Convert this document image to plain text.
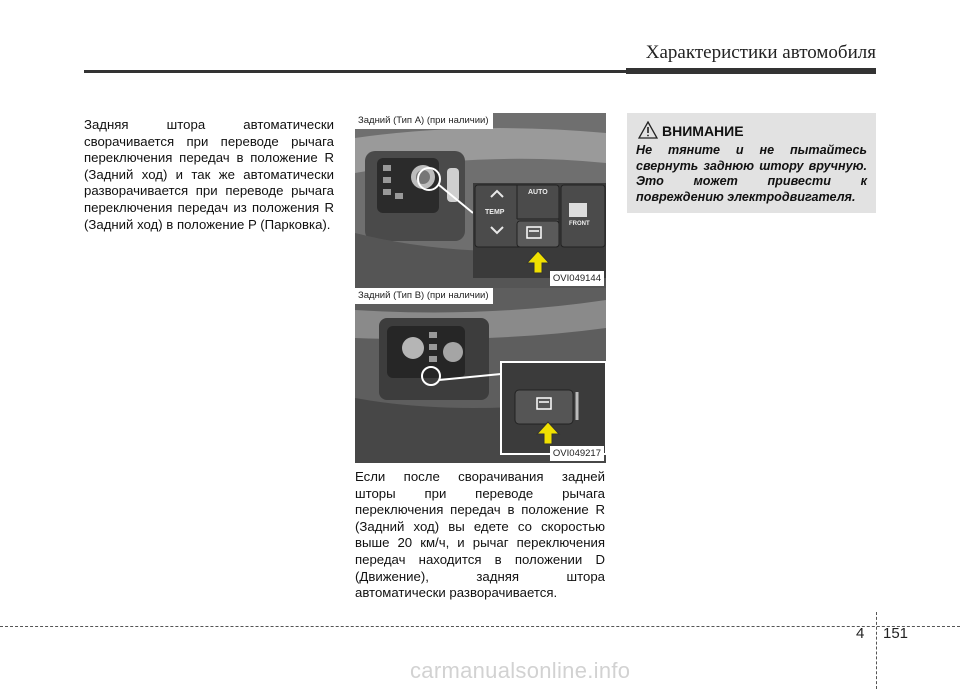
Характеристики автомобиля
Задняя штора автоматически сворачивается при переводе рычага переключения передач в положение R (Задний ход) и так же автоматически разворачивается при переводе рычага переключения передач из положения R (Задний ход) в положение P (Парковка).
TEMP
AUTO
FRONT
Задний (Тип А) (при наличии)
OVI049144
Задний (Тип B) (при наличии)
OVI049217
Если после сворачивания задней шторы при переводе рычага переключения передач в положение R (Задний ход) вы едете со скоростью выше 20 км/ч, и рычаг переключения передач находится в положении D (Движение), задняя штора автоматически разворачивается.
ВНИМАНИЕ
Не тяните и не пытайтесь свернуть заднюю штору вручную. Это может привести к повреждению электродвигателя.
4 151
carmanualsonline.info
